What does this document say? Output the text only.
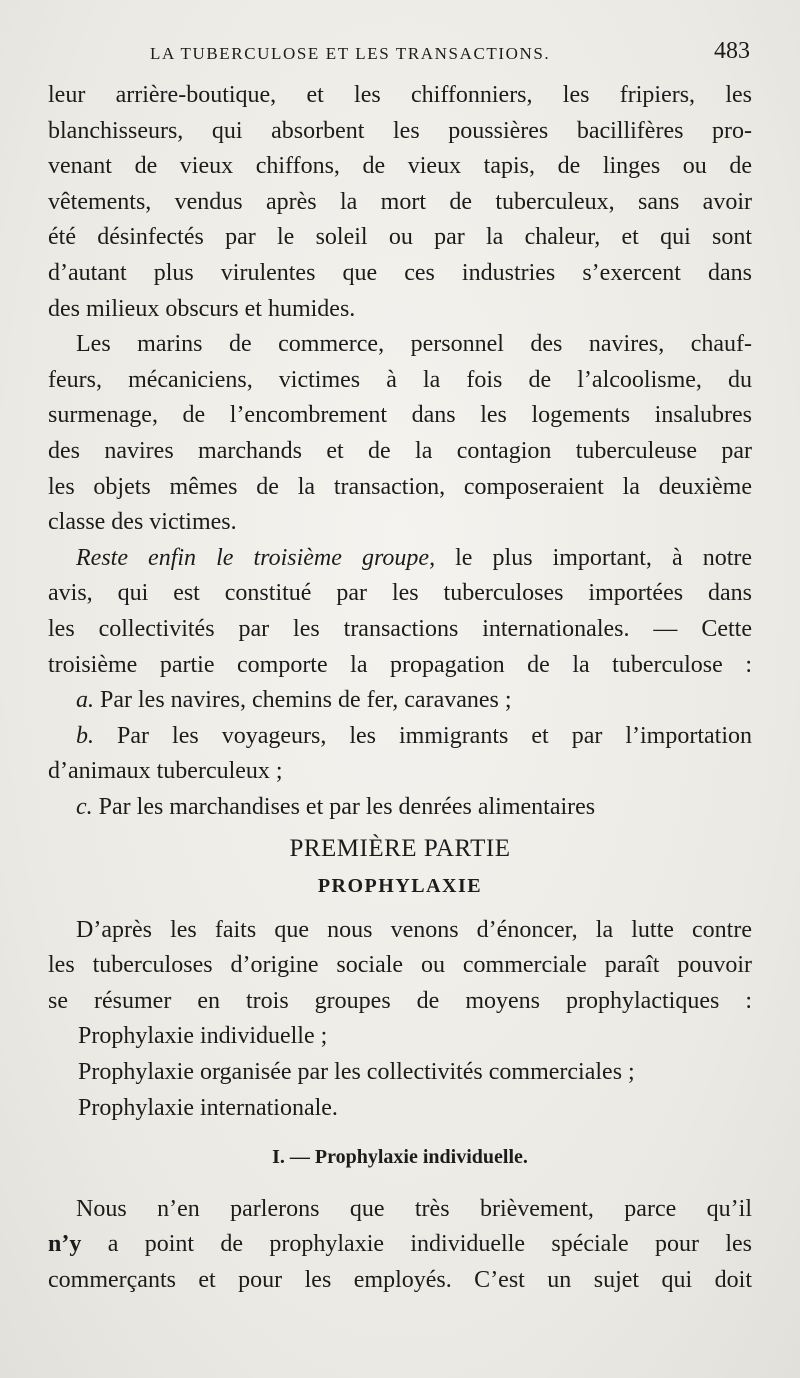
LA TUBERCULOSE ET LES TRANSACTIONS.	483
leur arrière-boutique, et les chiffonniers, les fripiers, les
blanchisseurs, qui absorbent les poussières bacillifères pro-
venant de vieux chiffons, de vieux tapis, de linges ou de
vêtements, vendus après la mort de tuberculeux, sans avoir
été désinfectés par le soleil ou par la chaleur, et qui sont
d’autant plus virulentes que ces industries s’exercent dans
des milieux obscurs et humides.
Les marins de commerce, personnel des navires, chauf-
feurs, mécaniciens, victimes à la fois de l’alcoolisme, du
surmenage, de l’encombrement dans les logements insalubres
des navires marchands et de la contagion tuberculeuse par
les objets mêmes de la transaction, composeraient la deuxième
classe des victimes.
Reste enfin le troisième groupe, le plus important, à notre
avis, qui est constitué par les tuberculoses importées dans
les collectivités par les transactions internationales. — Cette
troisième partie comporte la propagation de la tuberculose :
a. Par les navires, chemins de fer, caravanes ;
b. Par les voyageurs, les immigrants et par l’importation
d’animaux tuberculeux ;
c. Par les marchandises et par les denrées alimentaires
PREMIÈRE PARTIE
PROPHYLAXIE
D’après les faits que nous venons d’énoncer, la lutte contre
les tuberculoses d’origine sociale ou commerciale paraît pouvoir
se résumer en trois groupes de moyens prophylactiques :
Prophylaxie individuelle ;
Prophylaxie organisée par les collectivités commerciales ;
Prophylaxie internationale.
I. — Prophylaxie individuelle.
Nous n’en parlerons que très brièvement, parce qu’il
n’y a point de prophylaxie individuelle spéciale pour les
commerçants et pour les employés. C’est un sujet qui doit
